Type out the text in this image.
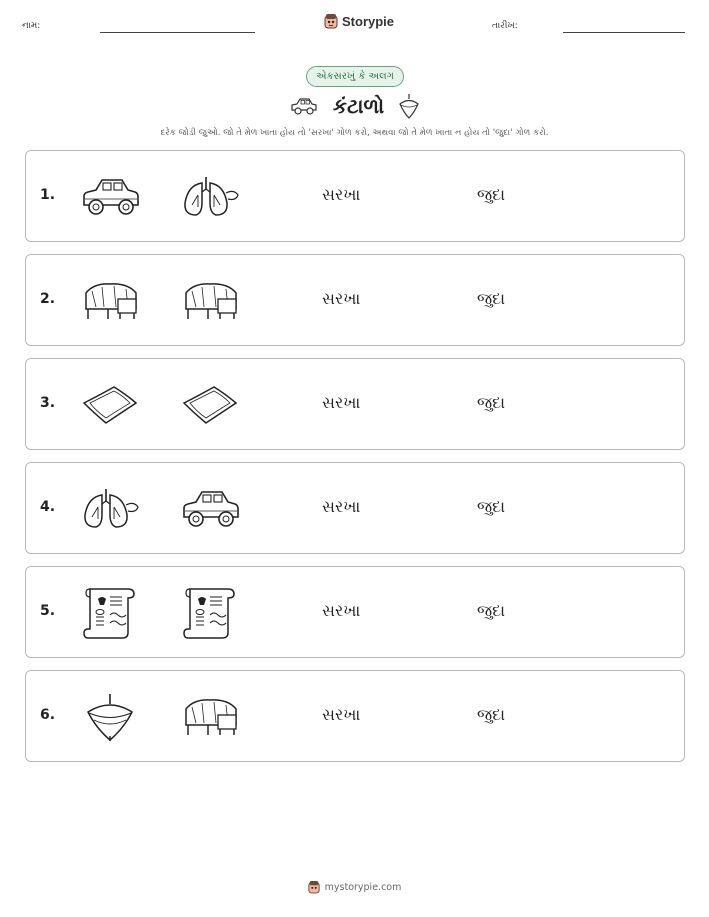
નામ:	Storypie	તારીખ:
એકસરખું કે અલગ
કંટાળો
દરેક જોડી જુઓ. જો તે મેળ ખાતા હોય તો 'સરખા' ગોળ કરો, અથવા જો તે મેળ ખાતા ન હોય તો 'જુદા' ગોળ કરો.
1.	સરખા	જુદા
2.	સરખા	જુદા
3.	સરખા	જુદા
4.	સરખા	જુદા
5.	સરખા	જુદા
6.	સરખા	જુદા
mystorypie.com
